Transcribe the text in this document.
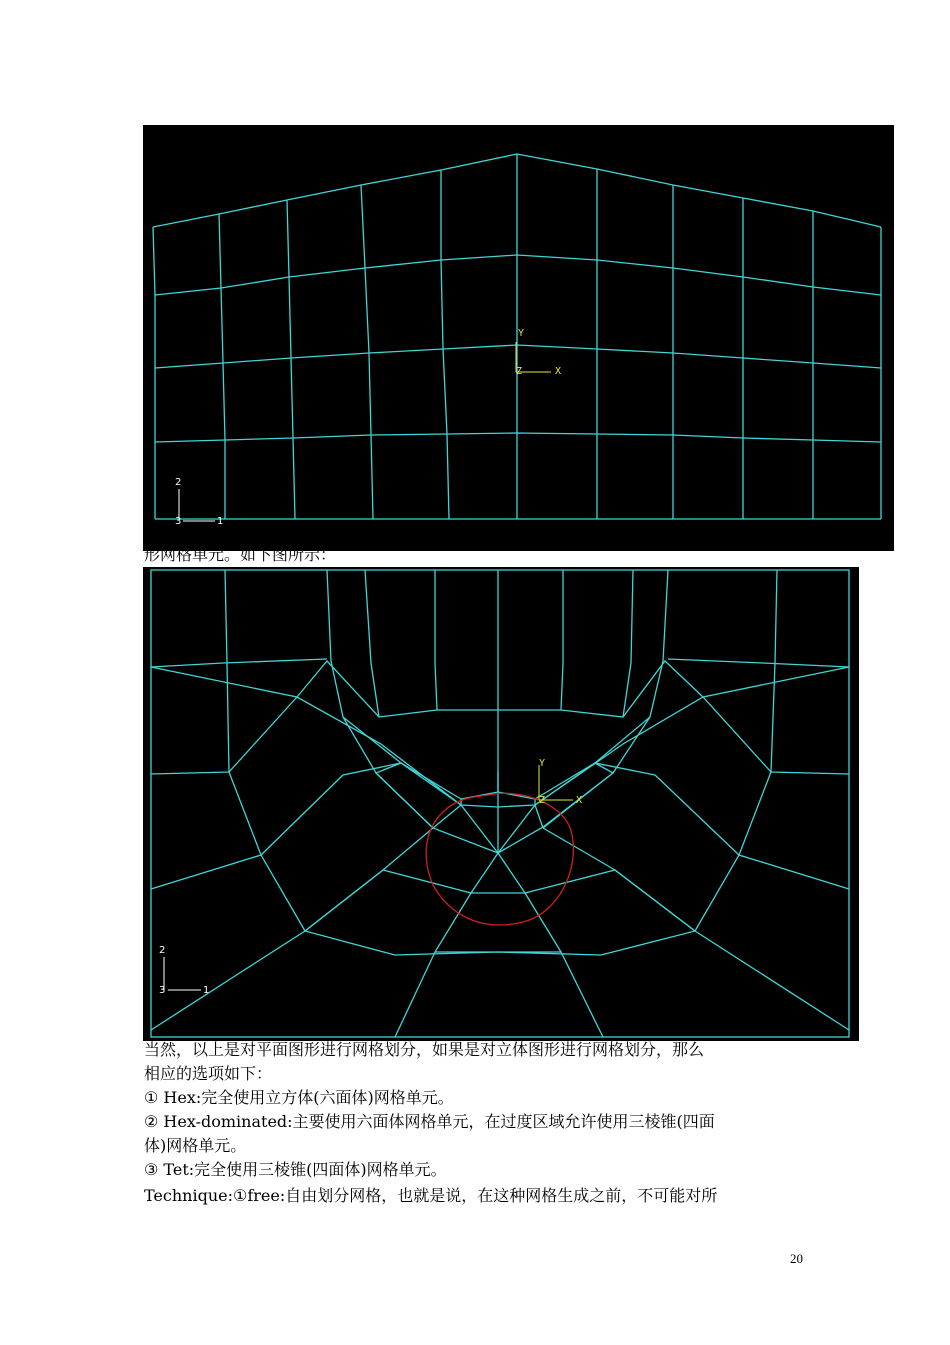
Y
Z	X
2
3	1
形网格单元。如下图所示：
Y
Z	X
2
3	1
当然，以上是对平面图形进行网格划分，如果是对立体图形进行网格划分，那么
相应的选项如下：
① Hex:完全使用立方体(六面体)网格单元。
② Hex-dominated:主要使用六面体网格单元，在过度区域允许使用三棱锥(四面
体)网格单元。
③ Tet:完全使用三棱锥(四面体)网格单元。
Technique:①free:自由划分网格，也就是说，在这种网格生成之前，不可能对所
20
